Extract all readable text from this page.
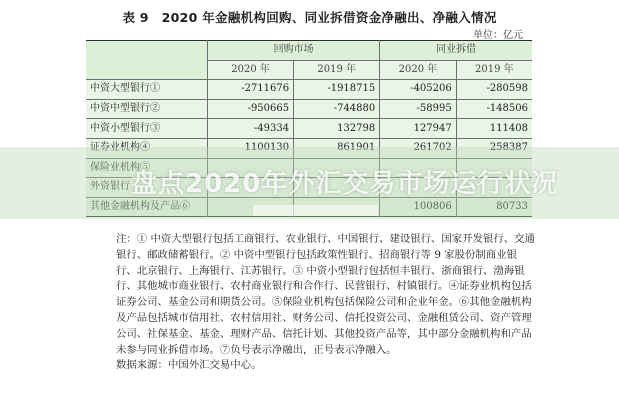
表 9　2020 年金融机构回购、同业拆借资金净融出、净融入情况
单位：亿元
	回购市场		同业拆借	
	2020 年	2019 年	2020 年	2019 年
中资大型银行①	-2711676	-1918715	-405206	-280598
中资中型银行②	-950665	-744880	-58995	-148506
中资小型银行③	-49334	132798	127947	111408
证券业机构④	1100130	861901	261702	258387
保险业机构⑤				
外资银行				
其他金融机构及产品⑥			100806	80733
盘点2020年外汇交易市场运行状况

注：① 中资大型银行包括工商银行、农业银行、中国银行、建设银行、国家开发银行、交通银行、邮政储蓄银行。② 中资中型银行包括政策性银行、招商银行等 9 家股份制商业银行、北京银行、上海银行、江苏银行。③ 中资小型银行包括恒丰银行、浙商银行、渤海银行、其他城市商业银行、农村商业银行和合作行、民营银行、村镇银行。④证券业机构包括证券公司、基金公司和期货公司。⑤保险业机构包括保险公司和企业年金。⑥其他金融机构及产品包括城市信用社、农村信用社、财务公司、信托投资公司、金融租赁公司、资产管理公司、社保基金、基金、理财产品、信托计划、其他投资产品等，其中部分金融机构和产品未参与同业拆借市场。⑦负号表示净融出，正号表示净融入。

数据来源：中国外汇交易中心。
